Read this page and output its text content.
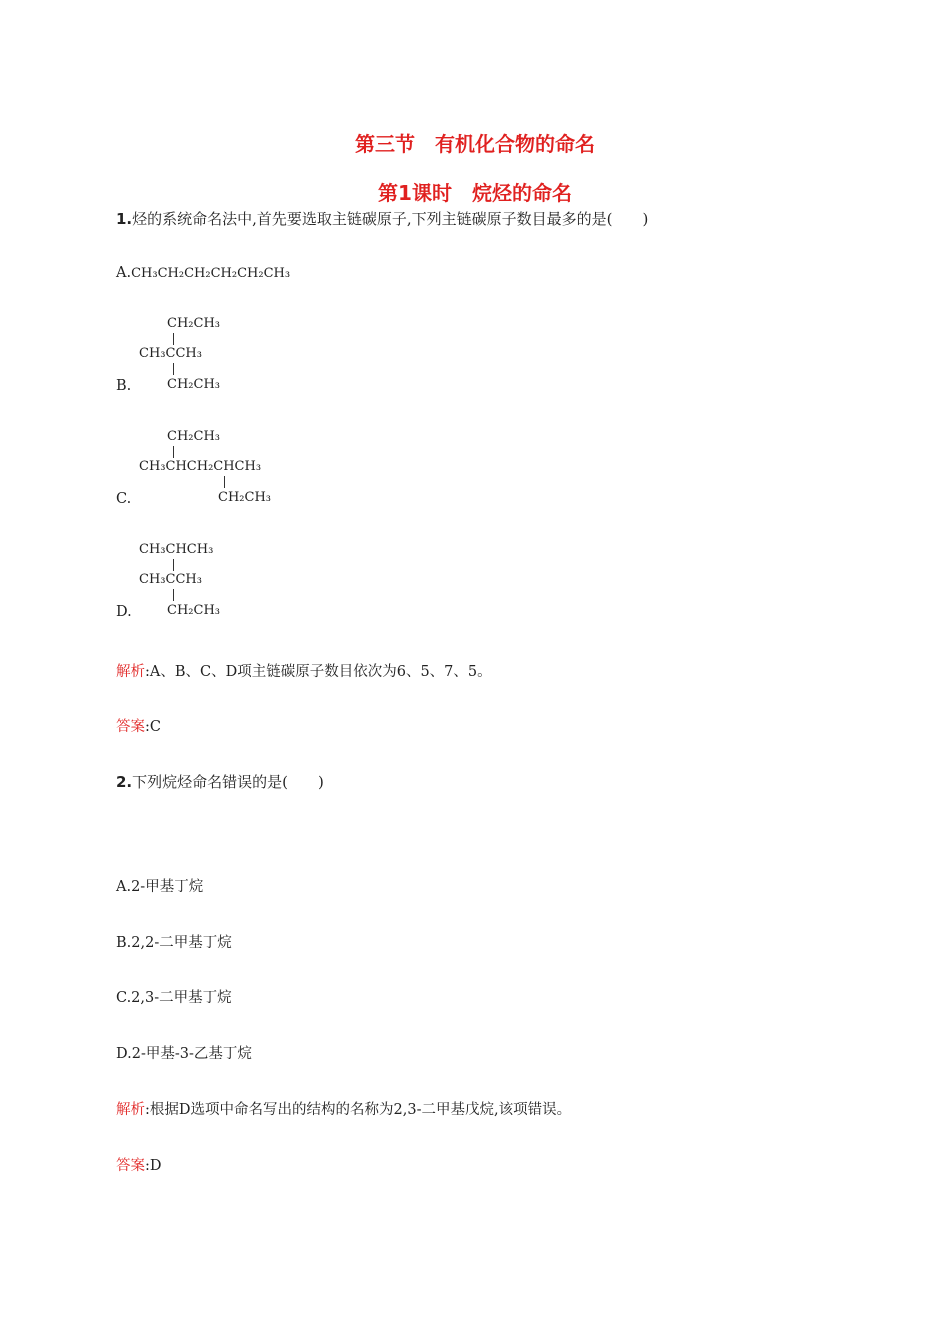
第三节　有机化合物的命名
第1课时　烷烃的命名
1.烃的系统命名法中,首先要选取主链碳原子,下列主链碳原子数目最多的是(　　)
A.CH₃CH₂CH₂CH₂CH₂CH₃
B.
CH₂CH₃
CH₃CCH₃
CH₂CH₃
C.
CH₂CH₃
CH₃CHCH₂CHCH₃
CH₂CH₃
D.
CH₃CHCH₃
CH₃CCH₃
CH₂CH₃
解析:A、B、C、D项主链碳原子数目依次为6、5、7、5。
答案:C
2.下列烷烃命名错误的是(　　)
A.2-甲基丁烷
B.2,2-二甲基丁烷
C.2,3-二甲基丁烷
D.2-甲基-3-乙基丁烷
解析:根据D选项中命名写出的结构的名称为2,3-二甲基戊烷,该项错误。
答案:D
